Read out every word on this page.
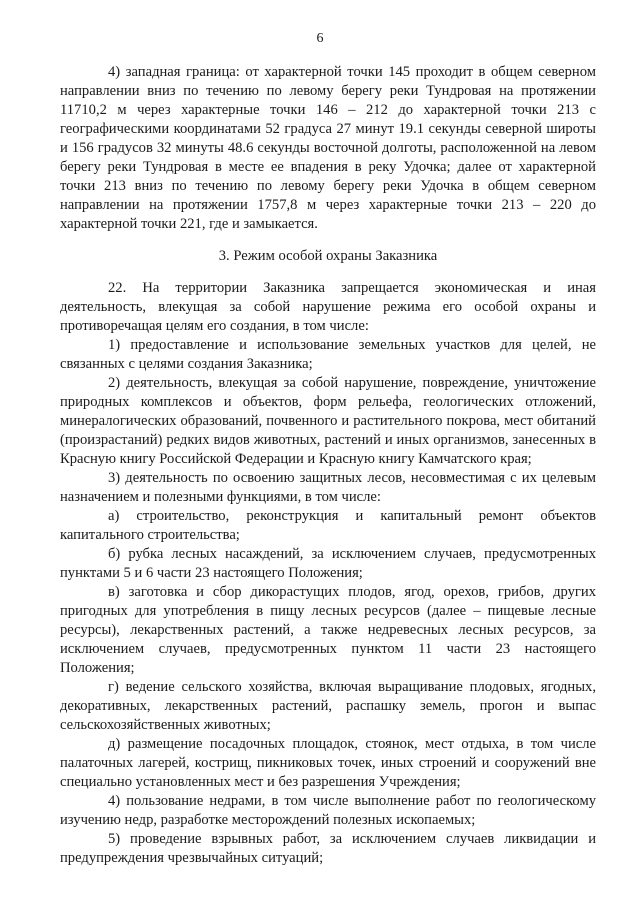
6

4) западная граница: от характерной точки 145 проходит в общем северном направлении вниз по течению по левому берегу реки Тундровая на протяжении 11710,2 м через характерные точки 146 – 212 до характерной точки 213 с географическими координатами 52 градуса 27 минут 19.1 секунды северной широты и 156 градусов 32 минуты 48.6 секунды восточной долготы, расположенной на левом берегу реки Тундровая в месте ее впадения в реку Удочка; далее от характерной точки 213 вниз по течению по левому берегу реки Удочка в общем северном направлении на протяжении 1757,8 м через характерные точки 213 – 220 до характерной точки 221, где и замыкается.

3. Режим особой охраны Заказника

22. На территории Заказника запрещается экономическая и иная деятельность, влекущая за собой нарушение режима его особой охраны и противоречащая целям его создания, в том числе:

1) предоставление и использование земельных участков для целей, не связанных с целями создания Заказника;

2) деятельность, влекущая за собой нарушение, повреждение, уничтожение природных комплексов и объектов, форм рельефа, геологических отложений, минералогических образований, почвенного и растительного покрова, мест обитаний (произрастаний) редких видов животных, растений и иных организмов, занесенных в Красную книгу Российской Федерации и Красную книгу Камчатского края;

3) деятельность по освоению защитных лесов, несовместимая с их целевым назначением и полезными функциями, в том числе:

а) строительство, реконструкция и капитальный ремонт объектов капитального строительства;

б) рубка лесных насаждений, за исключением случаев, предусмотренных пунктами 5 и 6 части 23 настоящего Положения;

в) заготовка и сбор дикорастущих плодов, ягод, орехов, грибов, других пригодных для употребления в пищу лесных ресурсов (далее – пищевые лесные ресурсы), лекарственных растений, а также недревесных лесных ресурсов, за исключением случаев, предусмотренных пунктом 11 части 23 настоящего Положения;

г) ведение сельского хозяйства, включая выращивание плодовых, ягодных, декоративных, лекарственных растений, распашку земель, прогон и выпас сельскохозяйственных животных;

д) размещение посадочных площадок, стоянок, мест отдыха, в том числе палаточных лагерей, кострищ, пикниковых точек, иных строений и сооружений вне специально установленных мест и без разрешения Учреждения;

4) пользование недрами, в том числе выполнение работ по геологическому изучению недр, разработке месторождений полезных ископаемых;

5) проведение взрывных работ, за исключением случаев ликвидации и предупреждения чрезвычайных ситуаций;
